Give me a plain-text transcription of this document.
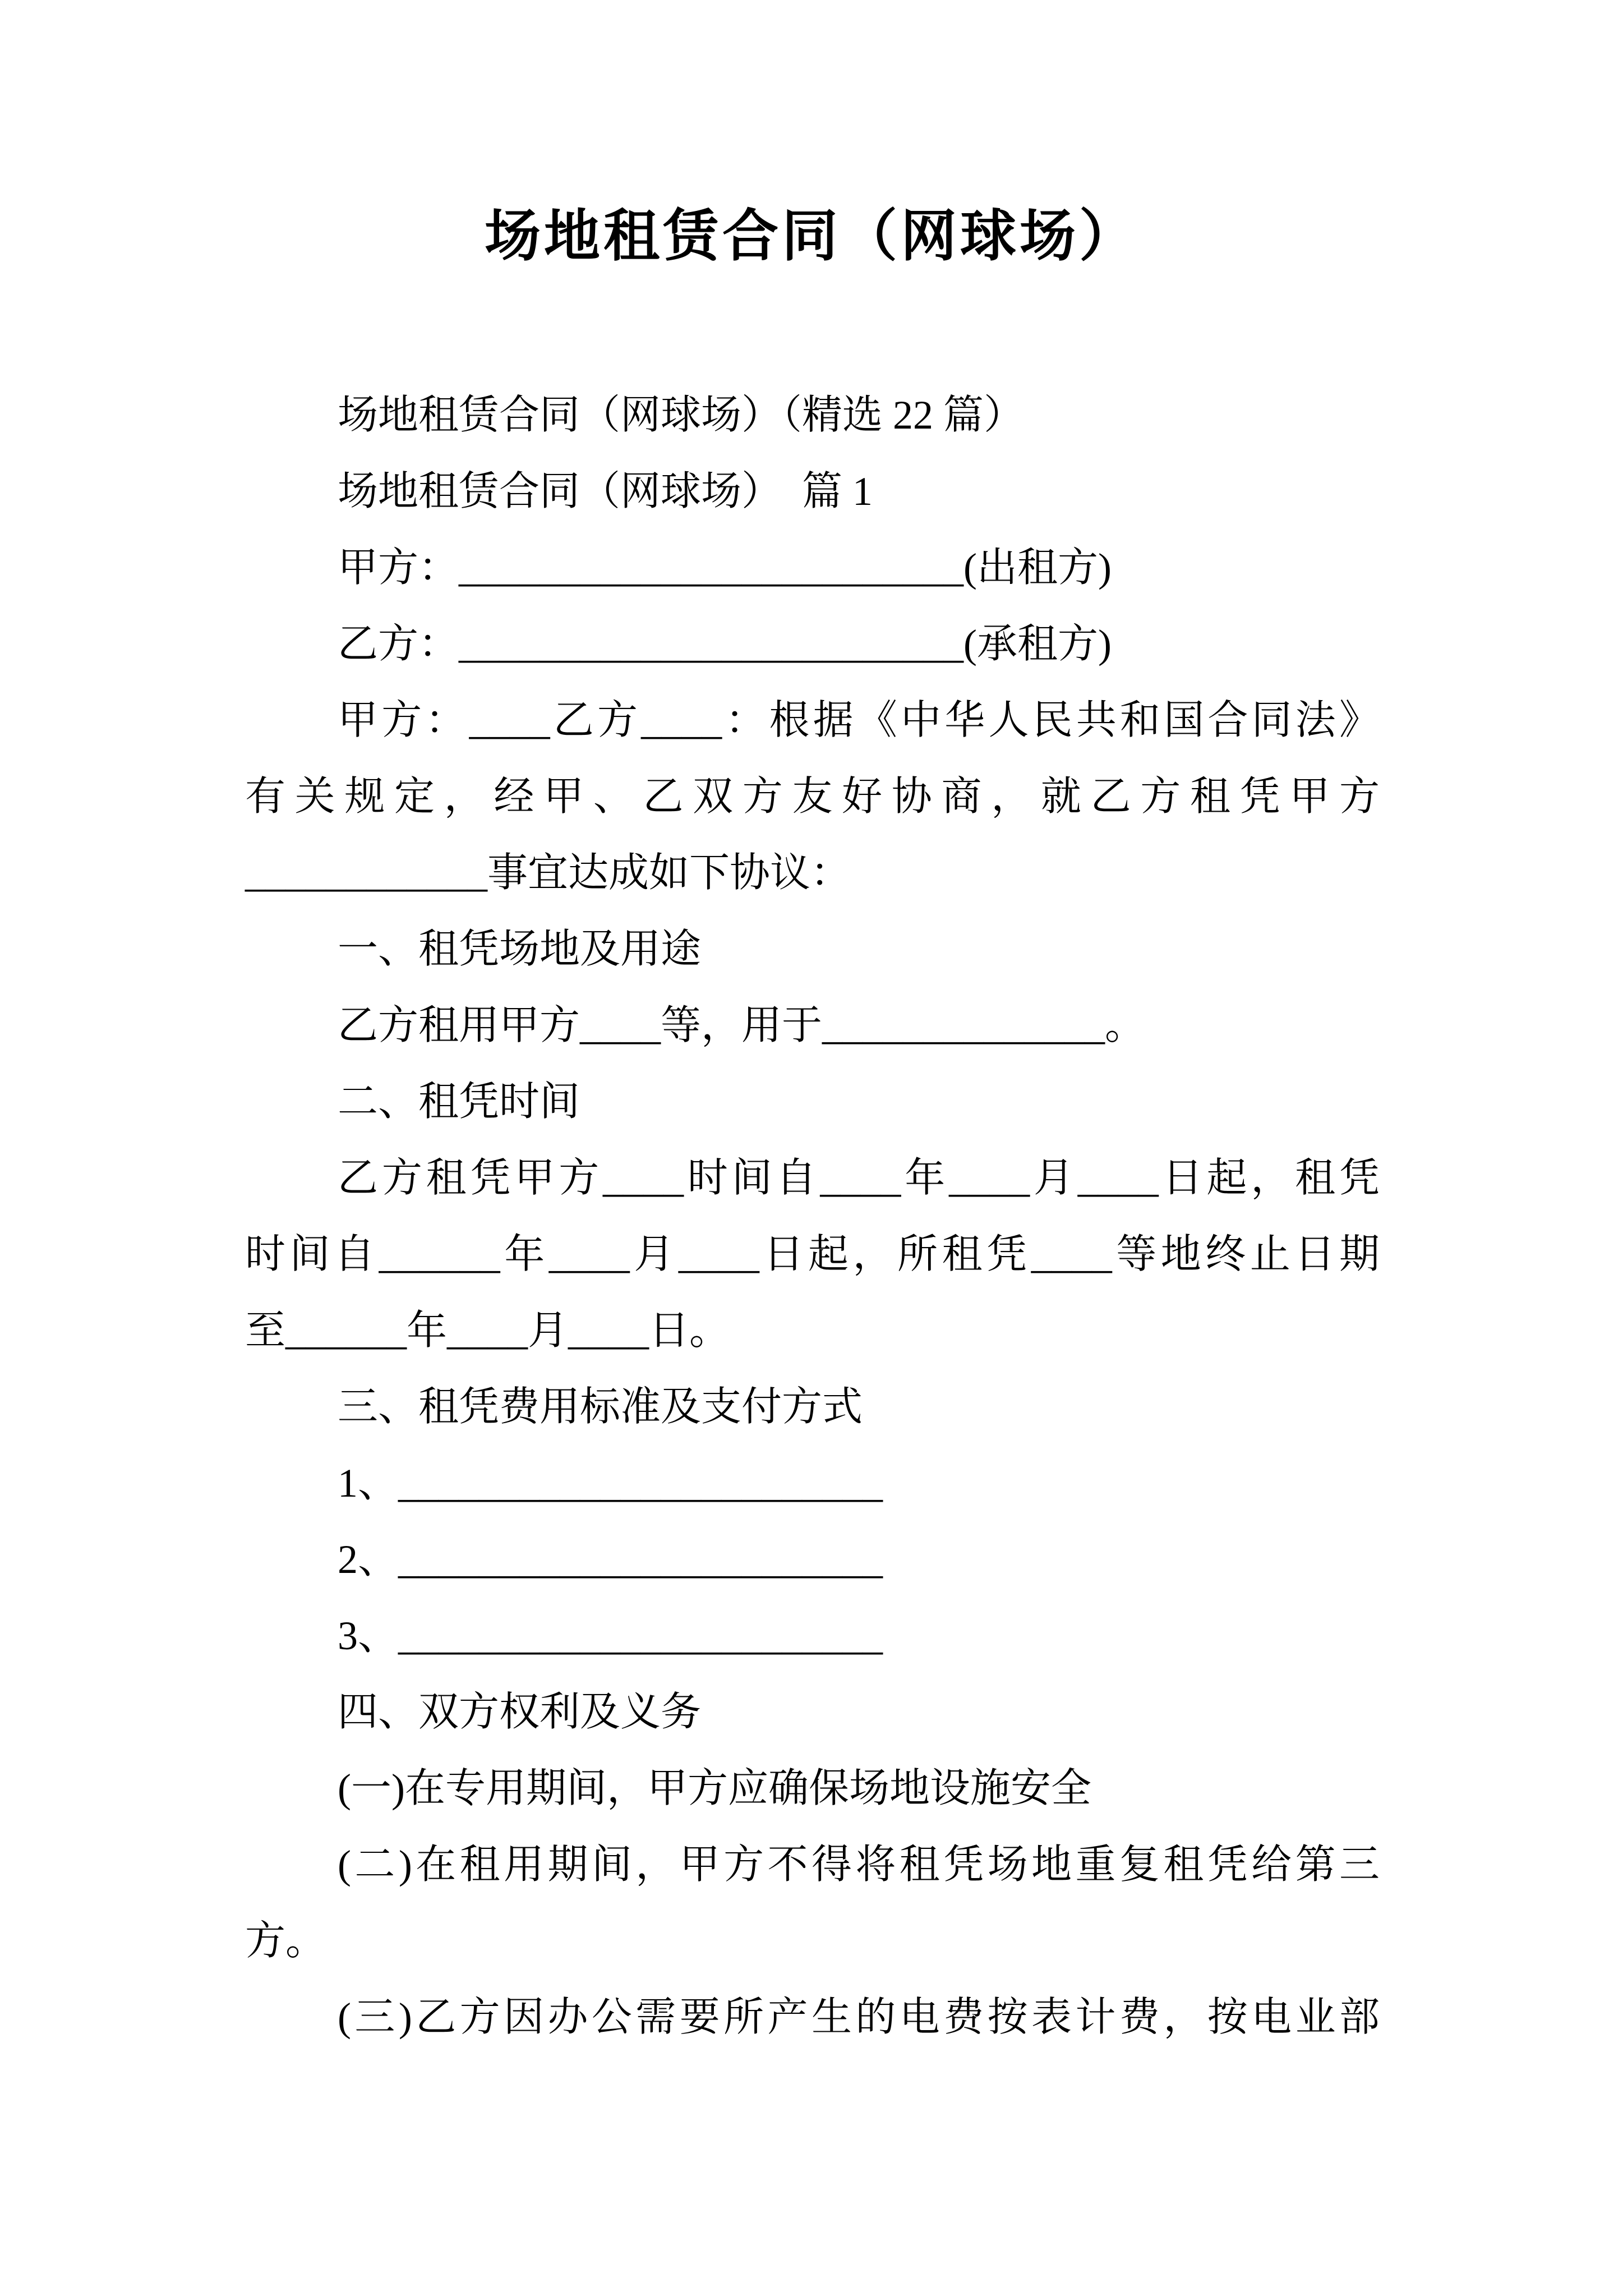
场地租赁合同（网球场）

场地租赁合同（网球场）（精选 22 篇）

场地租赁合同（网球场）　篇 1

甲方：_________________________(出租方)

乙方：_________________________(承租方)

甲方：____乙方____：根据《中华人民共和国合同法》

有关规定，经甲、乙双方友好协商，就乙方租凭甲方

____________事宜达成如下协议：

一、租凭场地及用途

乙方租用甲方____等，用于______________。

二、租凭时间

乙方租凭甲方____时间自____年____月____日起，租凭

时间自______年____月____日起，所租凭____等地终止日期

至______年____月____日。

三、租凭费用标准及支付方式

1、________________________

2、________________________

3、________________________

四、双方权利及义务

(一)在专用期间，甲方应确保场地设施安全

(二)在租用期间，甲方不得将租凭场地重复租凭给第三

方。

(三)乙方因办公需要所产生的电费按表计费，按电业部
